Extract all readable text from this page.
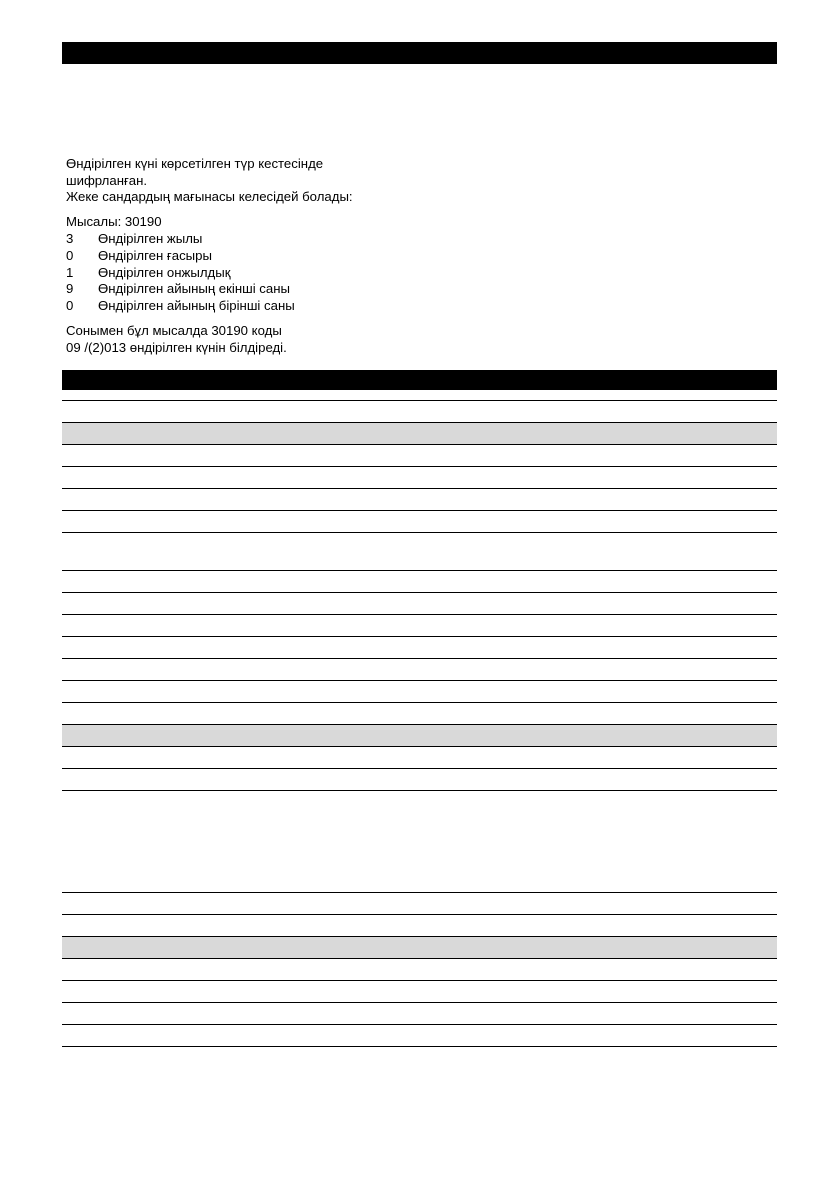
Өндірілген күні көрсетілген түр кестесінде
шифрланған.
Жеке сандардың мағынасы келесідей болады:
Мысалы: 30190
3 Өндірілген жылы
0 Өндірілген ғасыры
1 Өндірілген онжылдық
9 Өндірілген айының екінші саны
0 Өндірілген айының бірінші саны
Сонымен бұл мысалда 30190 коды
09 /(2)013 өндірілген күнін білдіреді.
